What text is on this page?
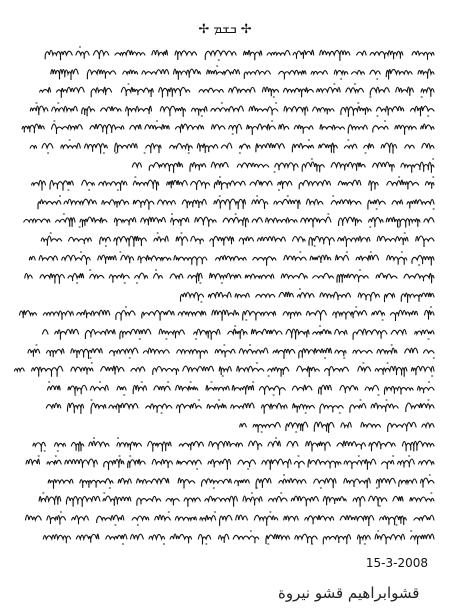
✢ ܒܫܡ ✢
15-3-2008
قشوابراهيم قشو نيروة
